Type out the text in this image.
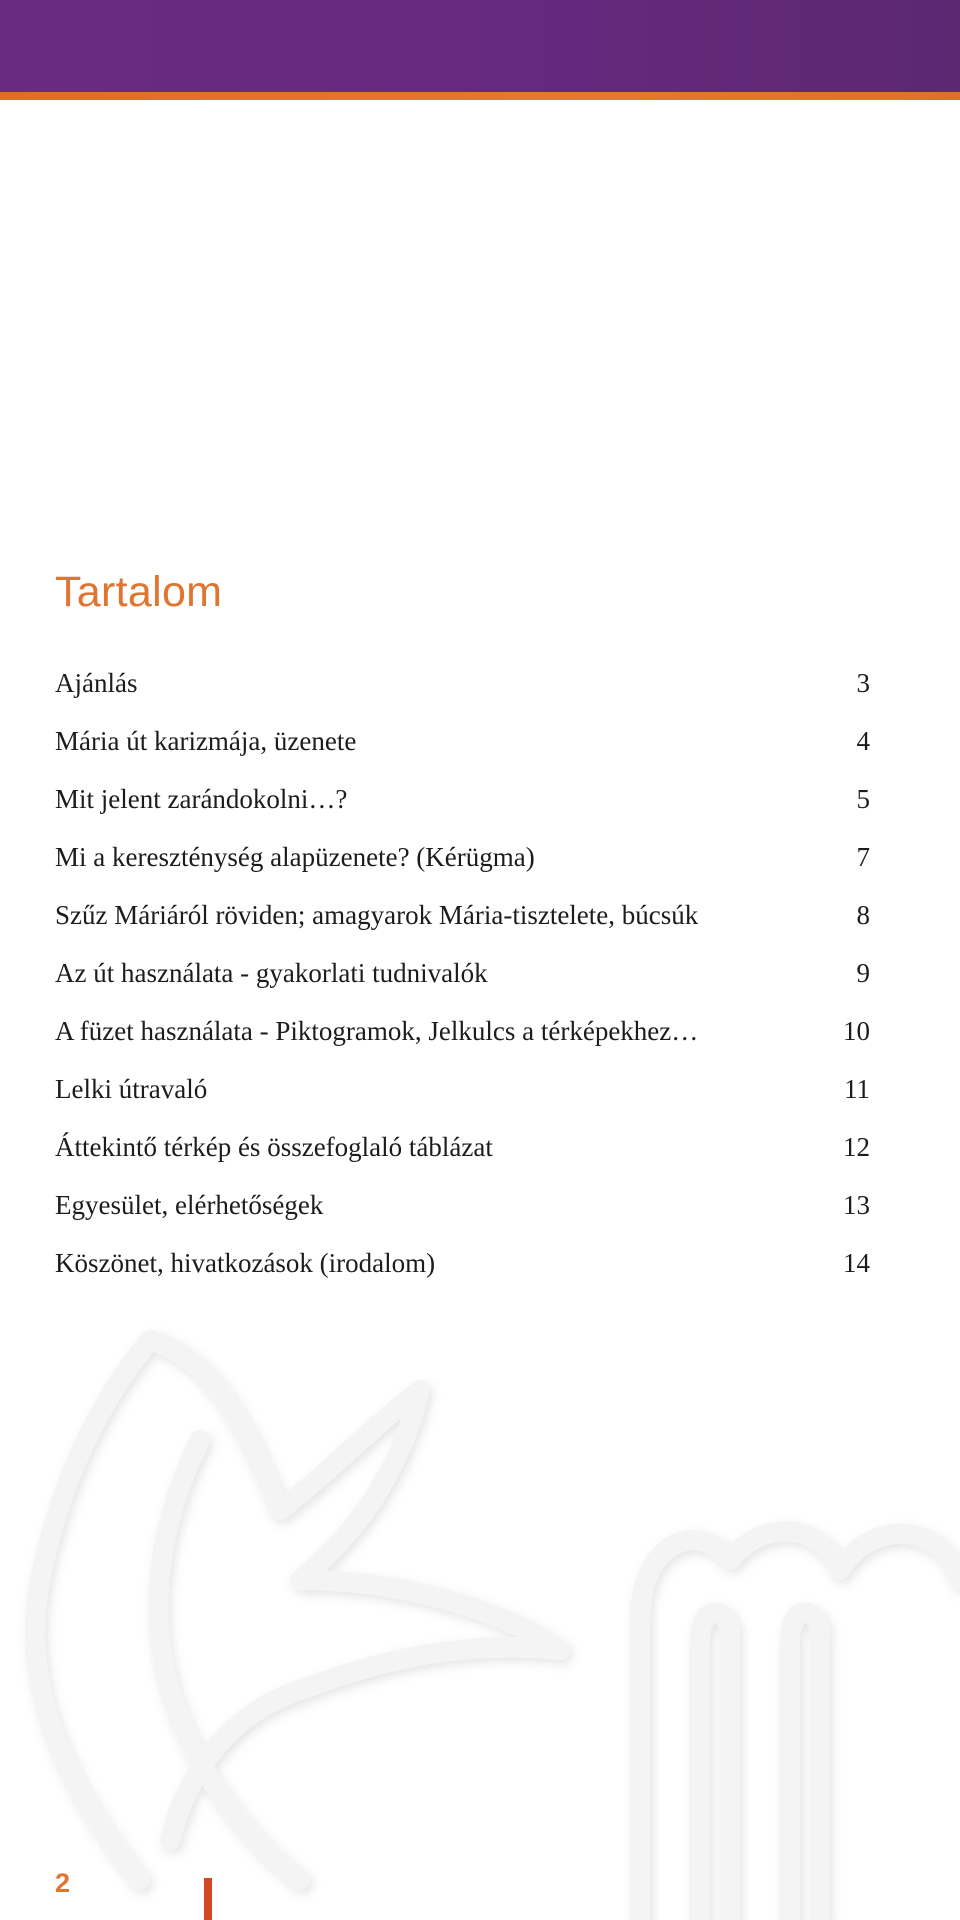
Tartalom
Ajánlás	3
Mária út karizmája, üzenete	4
Mit jelent zarándokolni…?	5
Mi a kereszténység alapüzenete? (Kérügma)	7
Szűz Máriáról röviden; amagyarok Mária-tisztelete, búcsúk	8
Az út használata - gyakorlati tudnivalók	9
A füzet használata - Piktogramok, Jelkulcs a térképekhez…	10
Lelki útravaló	11
Áttekintő térkép és összefoglaló táblázat	12
Egyesület, elérhetőségek	13
Köszönet, hivatkozások (irodalom)	14
2
